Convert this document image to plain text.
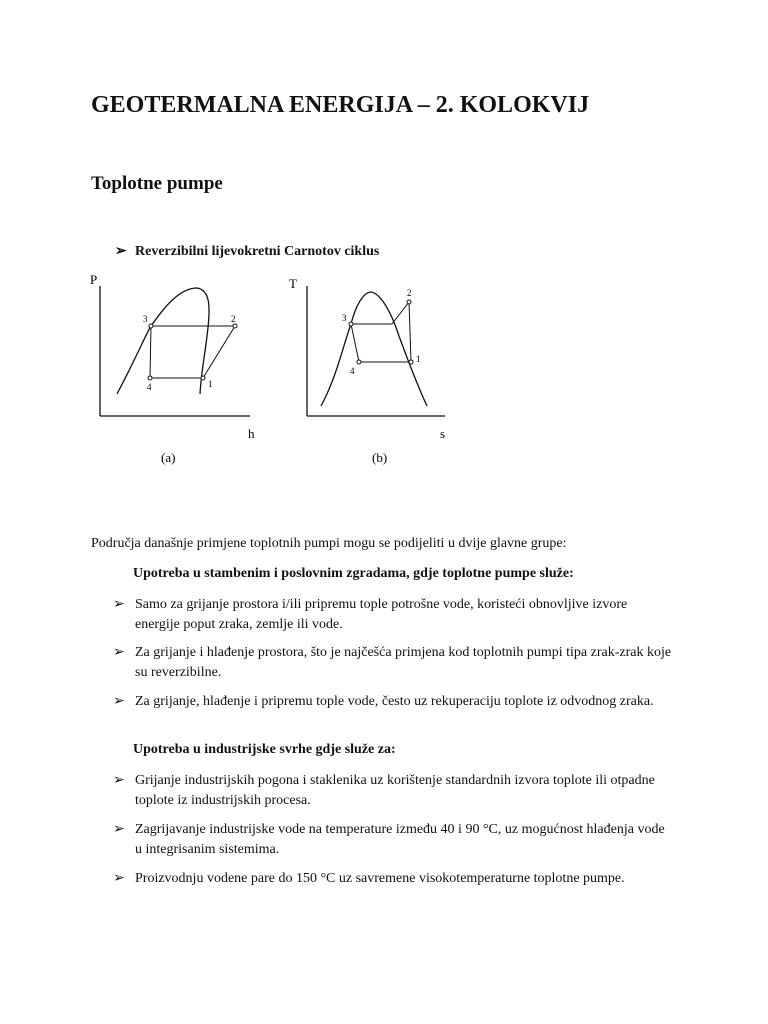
GEOTERMALNA ENERGIJA – 2. KOLOKVIJ
Toplotne pumpe
➢ Reverzibilni lijevokretni Carnotov ciklus
P
h
3	2
1
4
(a)
T
s
3
2
1
4
(b)
Područja današnje primjene toplotnih pumpi mogu se podijeliti u dvije glavne grupe:
Upotreba u stambenim i poslovnim zgradama, gdje toplotne pumpe služe:
➢ Samo za grijanje prostora i/ili pripremu tople potrošne vode, koristeći obnovljive izvore energije poput zraka, zemlje ili vode.
➢ Za grijanje i hlađenje prostora, što je najčešća primjena kod toplotnih pumpi tipa zrak-zrak koje su reverzibilne.
➢ Za grijanje, hlađenje i pripremu tople vode, često uz rekuperaciju toplote iz odvodnog zraka.
Upotreba u industrijske svrhe gdje služe za:
➢ Grijanje industrijskih pogona i staklenika uz korištenje standardnih izvora toplote ili otpadne toplote iz industrijskih procesa.
➢ Zagrijavanje industrijske vode na temperature između 40 i 90 °C, uz mogućnost hlađenja vode u integrisanim sistemima.
➢ Proizvodnju vodene pare do 150 °C uz savremene visokotemperaturne toplotne pumpe.
